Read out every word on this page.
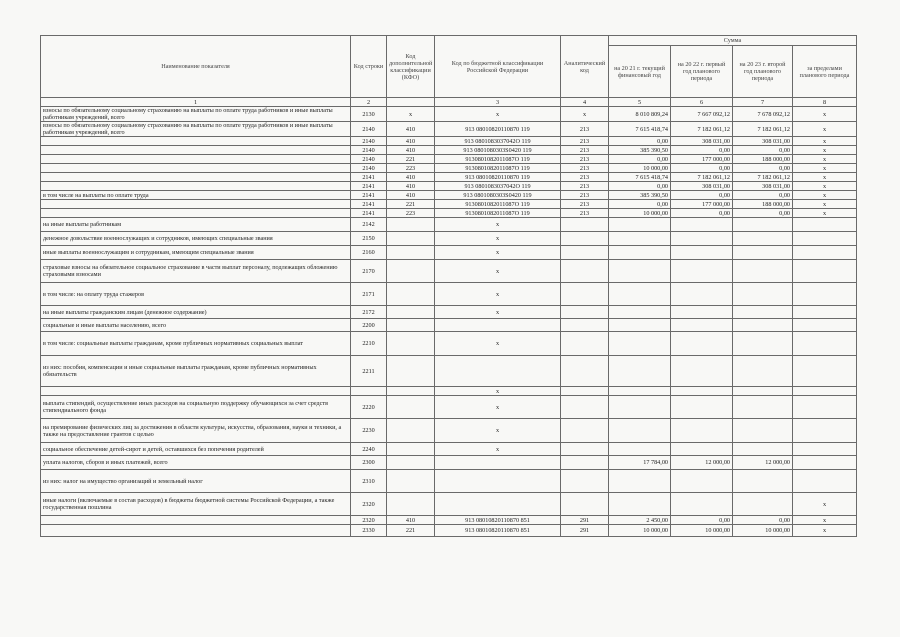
Наименование показателя	Код строки	Код дополнительной классификации (КФО)	Код по бюджетной классификации Российской Федерации	Аналитический код	Сумма			
					на 20 21 г. текущий финансовый год	на 20 22 г. первый год планового периода	на 20 23 г. второй год планового периода	за пределами планового периода
1	2		3	4	5	6	7	8
взносы по обязательному социальному страхованию на выплаты по оплате труда работников и иные выплаты работникам учреждений, всего	2130	x	x	x	8 010 809,24	7 667 092,12	7 678 092,12	x
взносы по обязательному социальному страхованию на выплаты по оплате труда работников и иные выплаты работникам учреждений, всего	2140	410	913 08010820110870 119	213	7 615 418,74	7 182 061,12	7 182 061,12	x
	2140	410	913 0801083037042О 119	213	0,00	308 031,00	308 031,00	x
	2140	410	913 0801080303S0420 119	213	385 390,50	0,00	0,00	x
	2140	221	9130801082011087О 119	213	0,00	177 000,00	188 000,00	x
	2140	223	9130801082011087О 119	213	10 000,00	0,00	0,00	x
	2141	410	913 08010820110870 119	213	7 615 418,74	7 182 061,12	7 182 061,12	x
	2141	410	913 0801083037042О 119	213	0,00	308 031,00	308 031,00	x
в том числе на выплаты по оплате труда	2141	410	913 0801080303S0420 119	213	385 390,50	0,00	0,00	x
	2141	221	9130801082011087О 119	213	0,00	177 000,00	188 000,00	x
	2141	223	9130801082011087О 119	213	10 000,00	0,00	0,00	x
на иные выплаты работникам	2142		x					
денежное довольствие военнослужащих и сотрудников, имеющих специальные звания	2150		x					
иные выплаты военнослужащим и сотрудникам, имеющим специальные звания	2160		x					
страховые взносы на обязательное социальное страхование в части выплат персоналу, подлежащих обложению страховыми взносами	2170		x					
в том числе: на оплату труда стажеров	2171		x					
на иные выплаты гражданским лицам (денежное содержание)	2172		x					
социальные и иные выплаты населению, всего	2200							
в том числе: социальные выплаты гражданам, кроме публичных нормативных социальных выплат	2210		x					
из них: пособия, компенсации и иные социальные выплаты гражданам, кроме публичных нормативных обязательств	2211							
			x					
выплата стипендий, осуществление иных расходов на социальную поддержку обучающихся за счет средств стипендиального фонда	2220		x					
на премирование физических лиц за достижения в области культуры, искусства, образования, науки и техники, а также на предоставление грантов с целью	2230		x					
социальное обеспечение детей-сирот и детей, оставшихся без попечения родителей	2240		x					
уплата налогов, сборов и иных платежей, всего	2300				17 784,00	12 000,00	12 000,00	
из них: налог на имущество организаций и земельный налог	2310							
иные налоги (включаемые в состав расходов) в бюджеты бюджетной системы Российской Федерации, а также государственная пошлина	2320							x
	2320	410	913 08010820110870 851	291	2 450,00	0,00	0,00	x
	2330	221	913 08010820110870 851	291	10 000,00	10 000,00	10 000,00	x
